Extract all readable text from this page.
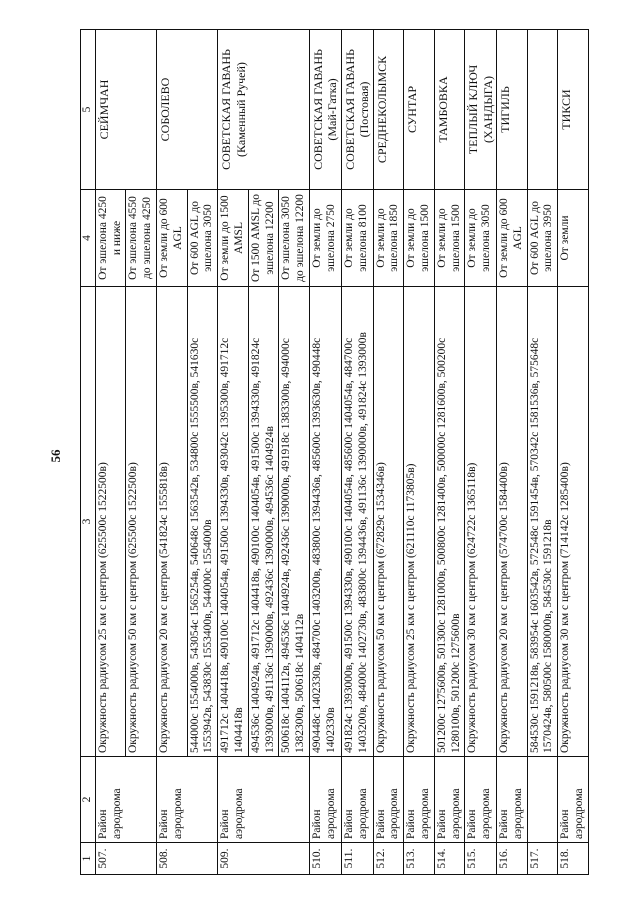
56
1	2	3	4	5
507.	Район аэродрома	Окружность радиусом 25 км с центром (625500с 1522500в)	От эшелона 4250 и ниже	СЕЙМЧАН
		Окружность радиусом 50 км с центром (625500с 1522500в)	От эшелона 4550 до эшелона 4250	
508.	Район аэродрома	Окружность радиусом 20 км с центром (541824с 1555818в)	От земли до 600 AGL	СОБОЛЕВО
		544000с 1554000в, 543054с 1565254в, 540648с 1563542в, 534800с 1555500в, 541630с 1553942в, 543830с 1553400в, 544000с 1554000в	От 600 AGL до эшелона 3050	
509.	Район аэродрома	491712с 1404418в, 490100с 1404054в, 491500с 1394330в, 493042с 1395300в, 491712с 1404418в	От земли до 1500 AMSL	СОВЕТСКАЯ ГАВАНЬ (Каменный Ручей)
		494536с 1404924в, 491712с 1404418в, 490100с 1404054в, 491500с 1394330в, 491824с 1393000в, 491136с 1390000в, 492436с 1390000в, 494536с 1404924в	От 1500 AMSL до эшелона 12200	
		500618с 1404112в, 494536с 1404924в, 492436с 1390000в, 491918с 1383300в, 494000с 1382300в, 500618с 1404112в	От эшелона 3050 до эшелона 12200	
510.	Район аэродрома	490448с 1402330в, 484700с 1403200в, 483800с 1394436в, 485600с 1393630в, 490448с 1402330в	От земли до эшелона 2750	СОВЕТСКАЯ ГАВАНЬ (Май-Гатка)
511.	Район аэродрома	491824с 1393000в, 491500с 1394330в, 490100с 1404054в, 485600с 1404054в, 484700с 1403200в, 484000с 1402730в, 483800с 1394436в, 491136с 1390000в, 491824с 1393000в	От земли до эшелона 8100	СОВЕТСКАЯ ГАВАНЬ (Постовая)
512.	Район аэродрома	Окружность радиусом 50 км с центром (672829с 1534346в)	От земли до эшелона 1850	СРЕДНЕКОЛЫМСК
513.	Район аэродрома	Окружность радиусом 25 км с центром (621110с 1173805в)	От земли до эшелона 1500	СУНТАР
514.	Район аэродрома	501200с 1275600в, 501300с 1281000в, 500800с 1281400в, 500000с 1281600в, 500200с 1280100в, 501200с 1275600в	От земли до эшелона 1500	ТАМБОВКА
515.	Район аэродрома	Окружность радиусом 30 км с центром (624722с 1365118в)	От земли до эшелона 3050	ТЕПЛЫЙ КЛЮЧ (ХАНДЫГА)
516.	Район аэродрома	Окружность радиусом 20 км с центром (574700с 1584400в)	От земли до 600 AGL	ТИГИЛЬ
517.		584530с 1591218в, 583954с 1603542в, 572548с 1591454в, 570342с 1581536в, 575648с 1570424в, 580500с 1580000в, 584530с 1591218в	От 600 AGL до эшелона 3950	
518.	Район аэродрома	Окружность радиусом 30 км с центром (714142с 1285400в)	От земли	ТИКСИ
